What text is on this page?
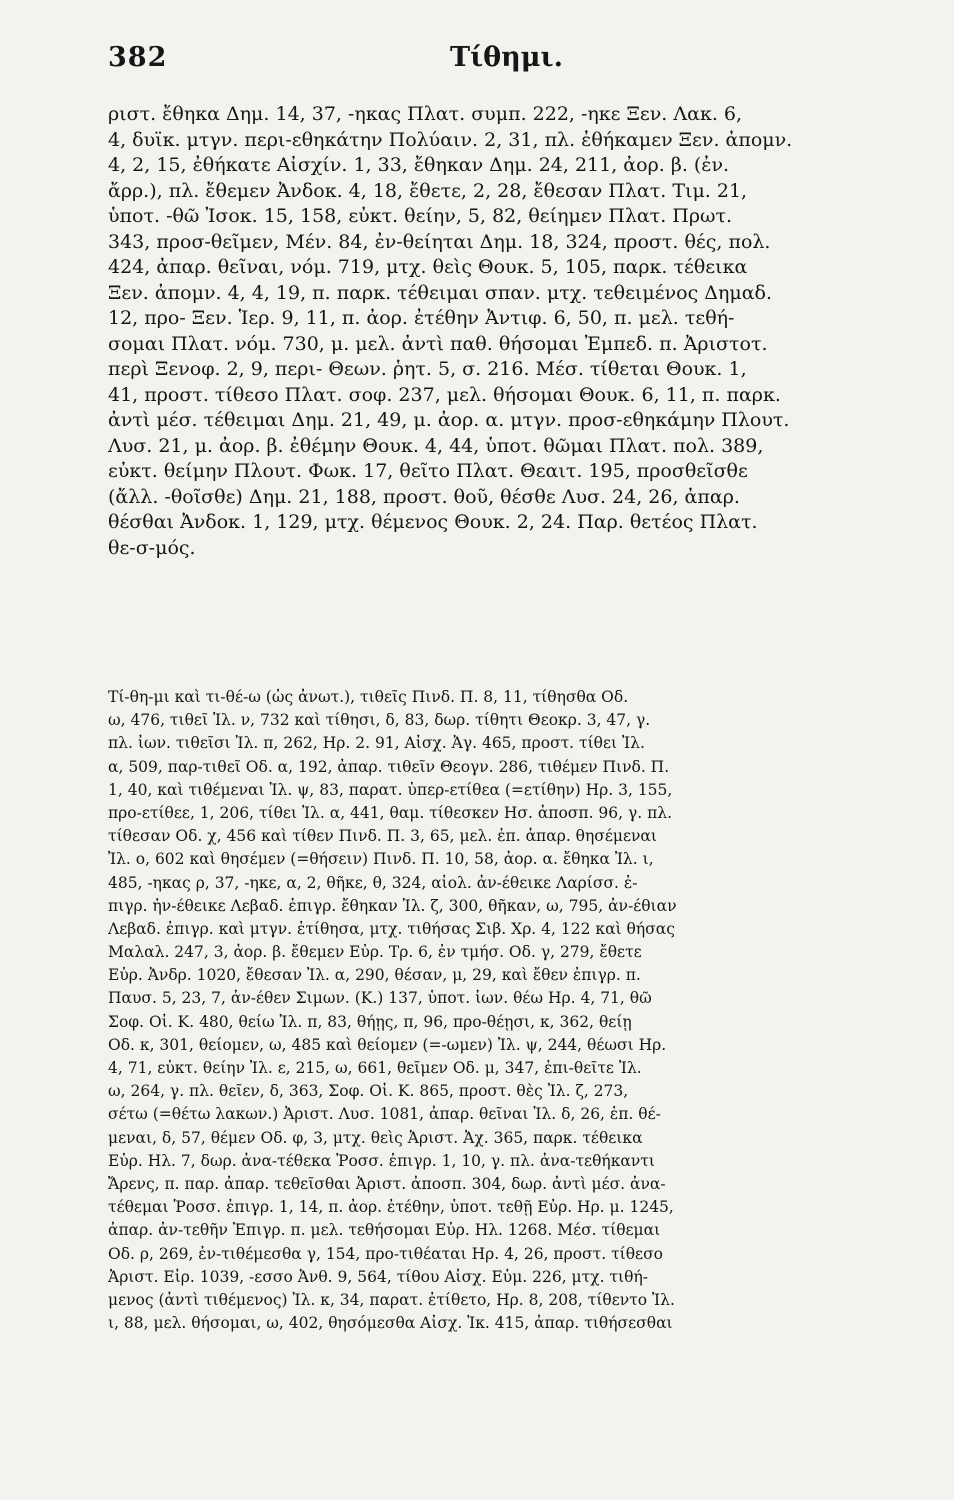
382	Τίθημι.
ριστ. ἔθηκα Δημ. 14, 37, -ηκας Πλατ. συμπ. 222, -ηκε Ξεν. Λακ. 6,
4, δυϊκ. μτγν. περι-εθηκάτην Πολύαιν. 2, 31, πλ. ἐθήκαμεν Ξεν. ἀπομν.
4, 2, 15, ἐθήκατε Αἰσχίν. 1, 33, ἔθηκαν Δημ. 24, 211, ἀορ. β. (ἐν.
ἄρρ.), πλ. ἔθεμεν Ἀνδοκ. 4, 18, ἔθετε, 2, 28, ἔθεσαν Πλατ. Τιμ. 21,
ὑποτ. -θῶ Ἰσοκ. 15, 158, εὐκτ. θείην, 5, 82, θείημεν Πλατ. Πρωτ.
343, προσ-θεῖμεν, Μέν. 84, ἐν-θείηται Δημ. 18, 324, προστ. θές, πολ.
424, ἀπαρ. θεῖναι, νόμ. 719, μτχ. θεὶς Θουκ. 5, 105, παρκ. τέθεικα
Ξεν. ἀπομν. 4, 4, 19, π. παρκ. τέθειμαι σπαν. μτχ. τεθειμένος Δημαδ.
12, προ- Ξεν. Ἱερ. 9, 11, π. ἀορ. ἐτέθην Ἀντιφ. 6, 50, π. μελ. τεθή-
σομαι Πλατ. νόμ. 730, μ. μελ. ἀντὶ παθ. θήσομαι Ἐμπεδ. π. Ἀριστοτ.
περὶ Ξενοφ. 2, 9, περι- Θεων. ῥητ. 5, σ. 216. Μέσ. τίθεται Θουκ. 1,
41, προστ. τίθεσο Πλατ. σοφ. 237, μελ. θήσομαι Θουκ. 6, 11, π. παρκ.
ἀντὶ μέσ. τέθειμαι Δημ. 21, 49, μ. ἀορ. α. μτγν. προσ-εθηκάμην Πλουτ.
Λυσ. 21, μ. ἀορ. β. ἐθέμην Θουκ. 4, 44, ὑποτ. θῶμαι Πλατ. πολ. 389,
εὐκτ. θείμην Πλουτ. Φωκ. 17, θεῖτο Πλατ. Θεαιτ. 195, προσθεῖσθε
(ἄλλ. -θοῖσθε) Δημ. 21, 188, προστ. θοῦ, θέσθε Λυσ. 24, 26, ἀπαρ.
θέσθαι Ἀνδοκ. 1, 129, μτχ. θέμενος Θουκ. 2, 24. Παρ. θετέος Πλατ.
θε-σ-μός.
Τί-θη-μι καὶ τι-θέ-ω (ὡς ἀνωτ.), τιθεῖς Πινδ. Π. 8, 11, τίθησθα Οδ.
ω, 476, τιθεῖ Ἰλ. ν, 732 καὶ τίθησι, δ, 83, δωρ. τίθητι Θεοκρ. 3, 47, γ.
πλ. ἰων. τιθεῖσι Ἰλ. π, 262, Ηρ. 2. 91, Αἰσχ. Ἀγ. 465, προστ. τίθει Ἰλ.
α, 509, παρ-τιθεῖ Οδ. α, 192, ἀπαρ. τιθεῖν Θεογν. 286, τιθέμεν Πινδ. Π.
1, 40, καὶ τιθέμεναι Ἰλ. ψ, 83, παρατ. ὑπερ-ετίθεα (=ετίθην) Ηρ. 3, 155,
προ-ετίθεε, 1, 206, τίθει Ἰλ. α, 441, θαμ. τίθεσκεν Ησ. ἀποσπ. 96, γ. πλ.
τίθεσαν Οδ. χ, 456 καὶ τίθεν Πινδ. Π. 3, 65, μελ. ἐπ. ἀπαρ. θησέμεναι
Ἰλ. ο, 602 καὶ θησέμεν (=θήσειν) Πινδ. Π. 10, 58, ἀορ. α. ἔθηκα Ἰλ. ι,
485, -ηκας ρ, 37, -ηκε, α, 2, θῆκε, θ, 324, αἰολ. ἀν-έθεικε Λαρίσσ. ἐ-
πιγρ. ἠν-έθεικε Λεβαδ. ἐπιγρ. ἔθηκαν Ἰλ. ζ, 300, θῆκαν, ω, 795, ἀν-έθιαν
Λεβαδ. ἐπιγρ. καὶ μτγν. ἐτίθησα, μτχ. τιθήσας Σιβ. Χρ. 4, 122 καὶ θήσας
Μαλαλ. 247, 3, ἀορ. β. ἔθεμεν Εὐρ. Τρ. 6, ἐν τμήσ. Οδ. γ, 279, ἔθετε
Εὐρ. Ἀνδρ. 1020, ἔθεσαν Ἰλ. α, 290, θέσαν, μ, 29, καὶ ἔθεν ἐπιγρ. π.
Παυσ. 5, 23, 7, ἀν-έθεν Σιμων. (Κ.) 137, ὑποτ. ἰων. θέω Ηρ. 4, 71, θῶ
Σοφ. Οἰ. Κ. 480, θείω Ἰλ. π, 83, θήῃς, π, 96, προ-θέῃσι, κ, 362, θείῃ
Οδ. κ, 301, θείομεν, ω, 485 καὶ θείομεν (=-ωμεν) Ἰλ. ψ, 244, θέωσι Ηρ.
4, 71, εὐκτ. θείην Ἰλ. ε, 215, ω, 661, θεῖμεν Οδ. μ, 347, ἐπι-θεῖτε Ἰλ.
ω, 264, γ. πλ. θεῖεν, δ, 363, Σοφ. Οἰ. Κ. 865, προστ. θὲς Ἰλ. ζ, 273,
σέτω (=θέτω λακων.) Ἀριστ. Λυσ. 1081, ἀπαρ. θεῖναι Ἰλ. δ, 26, ἐπ. θέ-
μεναι, δ, 57, θέμεν Οδ. φ, 3, μτχ. θεὶς Ἀριστ. Ἀχ. 365, παρκ. τέθεικα
Εὐρ. Ηλ. 7, δωρ. ἀνα-τέθεκα Ῥοσσ. ἐπιγρ. 1, 10, γ. πλ. ἀνα-τεθήκαντι
Ἄρενς, π. παρ. ἀπαρ. τεθεῖσθαι Ἀριστ. ἀποσπ. 304, δωρ. ἀντὶ μέσ. ἀνα-
τέθεμαι Ῥοσσ. ἐπιγρ. 1, 14, π. ἀορ. ἐτέθην, ὑποτ. τεθῇ Εὐρ. Ηρ. μ. 1245,
ἀπαρ. ἀν-τεθῆν Ἐπιγρ. π. μελ. τεθήσομαι Εὐρ. Ηλ. 1268. Μέσ. τίθεμαι
Οδ. ρ, 269, ἐν-τιθέμεσθα γ, 154, προ-τιθέαται Ηρ. 4, 26, προστ. τίθεσο
Ἀριστ. Εἰρ. 1039, -εσσο Ἀνθ. 9, 564, τίθου Αἰσχ. Εὐμ. 226, μτχ. τιθή-
μενος (ἀντὶ τιθέμενος) Ἰλ. κ, 34, παρατ. ἐτίθετο, Ηρ. 8, 208, τίθεντο Ἰλ.
ι, 88, μελ. θήσομαι, ω, 402, θησόμεσθα Αἰσχ. Ἱκ. 415, ἀπαρ. τιθήσεσθαι
